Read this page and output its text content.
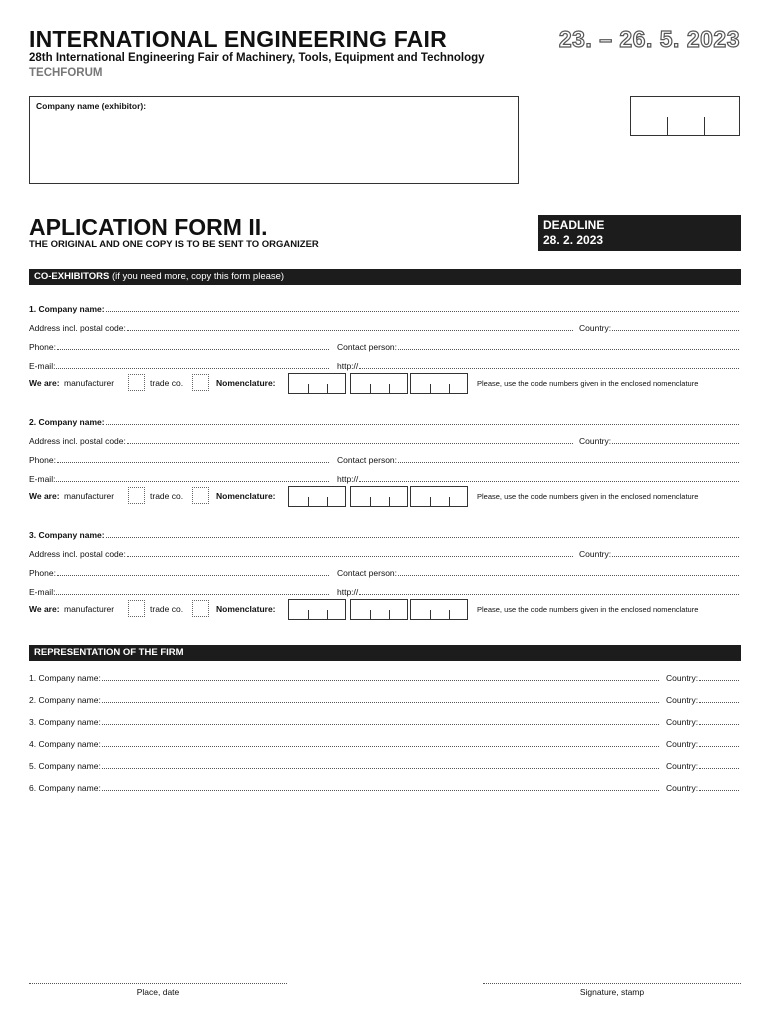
INTERNATIONAL ENGINEERING FAIR	23. – 26. 5. 2023
28th International Engineering Fair of Machinery, Tools, Equipment and Technology
TECHFORUM
Company name (exhibitor):
APLICATION FORM II.
THE ORIGINAL AND ONE COPY IS TO BE SENT TO ORGANIZER
DEADLINE
28. 2. 2023
CO-EXHIBITORS (if you need more, copy this form please)
1. Company name:
Address incl. postal code:	Country:
Phone:	Contact person:
E-mail:	http://
We are: manufacturer	trade co.	Nomenclature:	Please, use the code numbers given in the enclosed nomenclature
2. Company name:
Address incl. postal code:	Country:
Phone:	Contact person:
E-mail:	http://
We are: manufacturer	trade co.	Nomenclature:	Please, use the code numbers given in the enclosed nomenclature
3. Company name:
Address incl. postal code:	Country:
Phone:	Contact person:
E-mail:	http://
We are: manufacturer	trade co.	Nomenclature:	Please, use the code numbers given in the enclosed nomenclature
REPRESENTATION OF THE FIRM
1. Company name:	Country:
2. Company name:	Country:
3. Company name:	Country:
4. Company name:	Country:
5. Company name:	Country:
6. Company name:	Country:
Place, date	Signature, stamp
